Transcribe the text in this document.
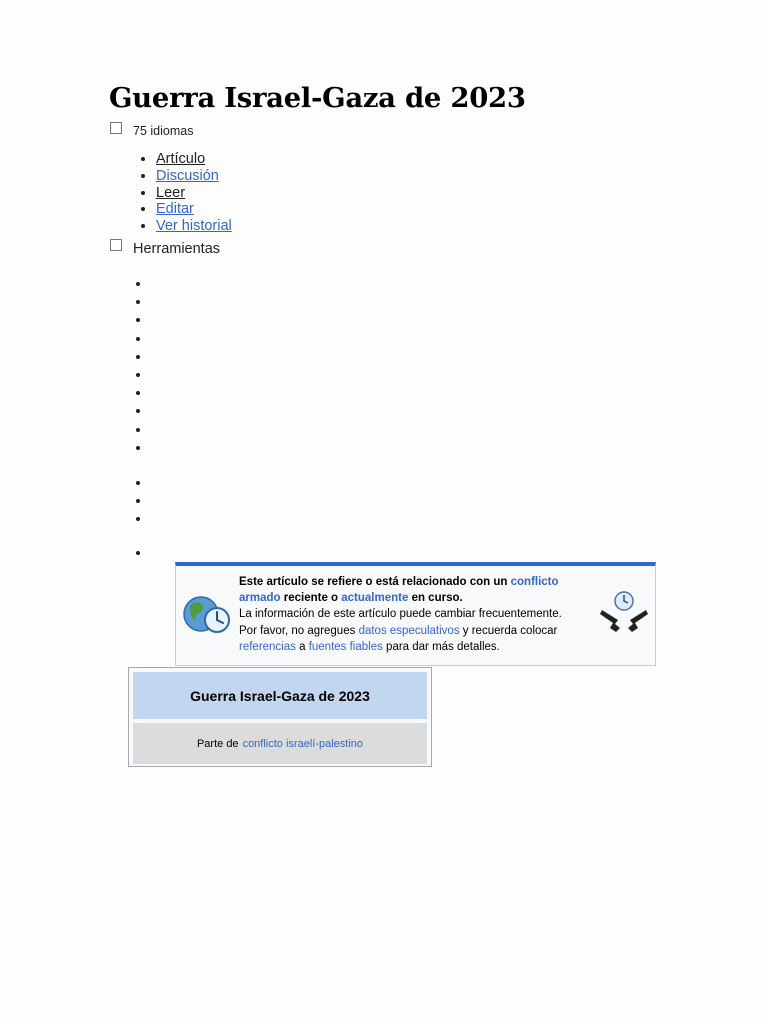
Guerra Israel-Gaza de 2023
75 idiomas
• Artículo
• Discusión
• Leer
• Editar
• Ver historial
Herramientas
Este artículo se refiere o está relacionado con un conflicto armado reciente o actualmente en curso.
La información de este artículo puede cambiar frecuentemente.
Por favor, no agregues datos especulativos y recuerda colocar referencias a fuentes fiables para dar más detalles.
Guerra Israel-Gaza de 2023
Parte de conflicto israelí-palestino
